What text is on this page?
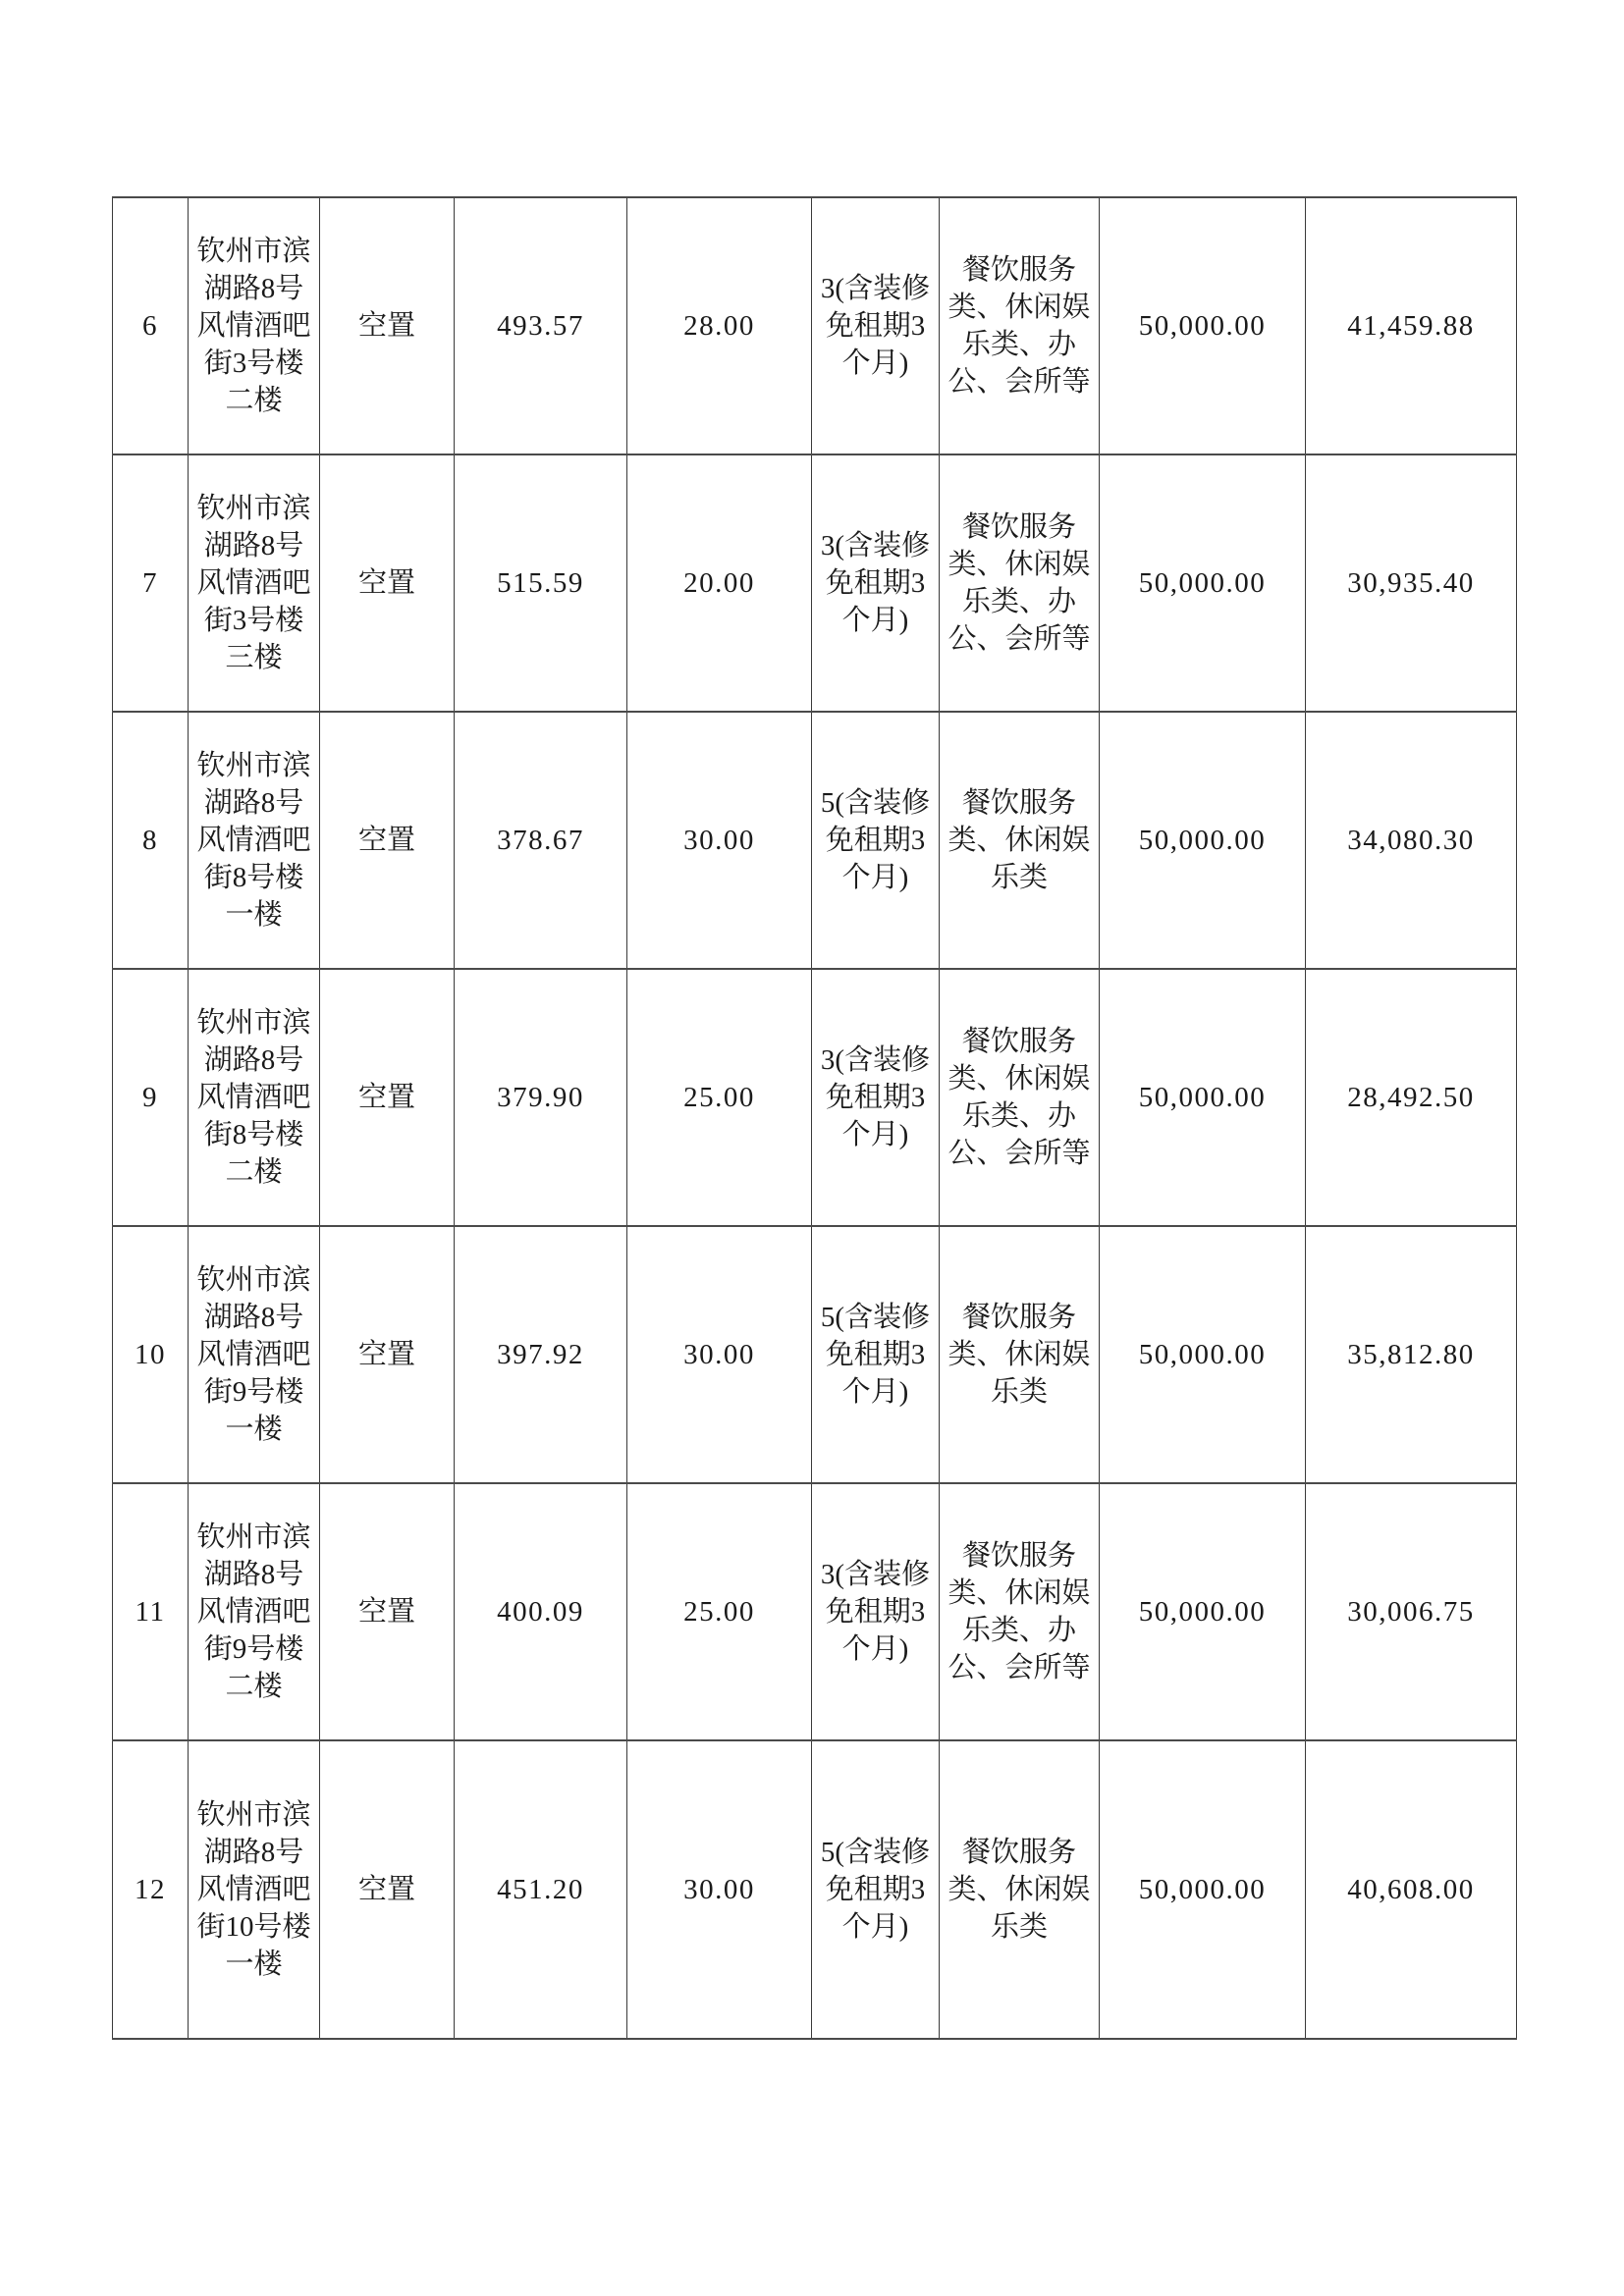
6	钦州市滨湖路8号风情酒吧街3号楼二楼	空置	493.57	28.00	3(含装修免租期3个月)	餐饮服务类、休闲娱乐类、办公、会所等	50,000.00	41,459.88
7	钦州市滨湖路8号风情酒吧街3号楼三楼	空置	515.59	20.00	3(含装修免租期3个月)	餐饮服务类、休闲娱乐类、办公、会所等	50,000.00	30,935.40
8	钦州市滨湖路8号风情酒吧街8号楼一楼	空置	378.67	30.00	5(含装修免租期3个月)	餐饮服务类、休闲娱乐类	50,000.00	34,080.30
9	钦州市滨湖路8号风情酒吧街8号楼二楼	空置	379.90	25.00	3(含装修免租期3个月)	餐饮服务类、休闲娱乐类、办公、会所等	50,000.00	28,492.50
10	钦州市滨湖路8号风情酒吧街9号楼一楼	空置	397.92	30.00	5(含装修免租期3个月)	餐饮服务类、休闲娱乐类	50,000.00	35,812.80
11	钦州市滨湖路8号风情酒吧街9号楼二楼	空置	400.09	25.00	3(含装修免租期3个月)	餐饮服务类、休闲娱乐类、办公、会所等	50,000.00	30,006.75
12	钦州市滨湖路8号风情酒吧街10号楼一楼	空置	451.20	30.00	5(含装修免租期3个月)	餐饮服务类、休闲娱乐类	50,000.00	40,608.00
